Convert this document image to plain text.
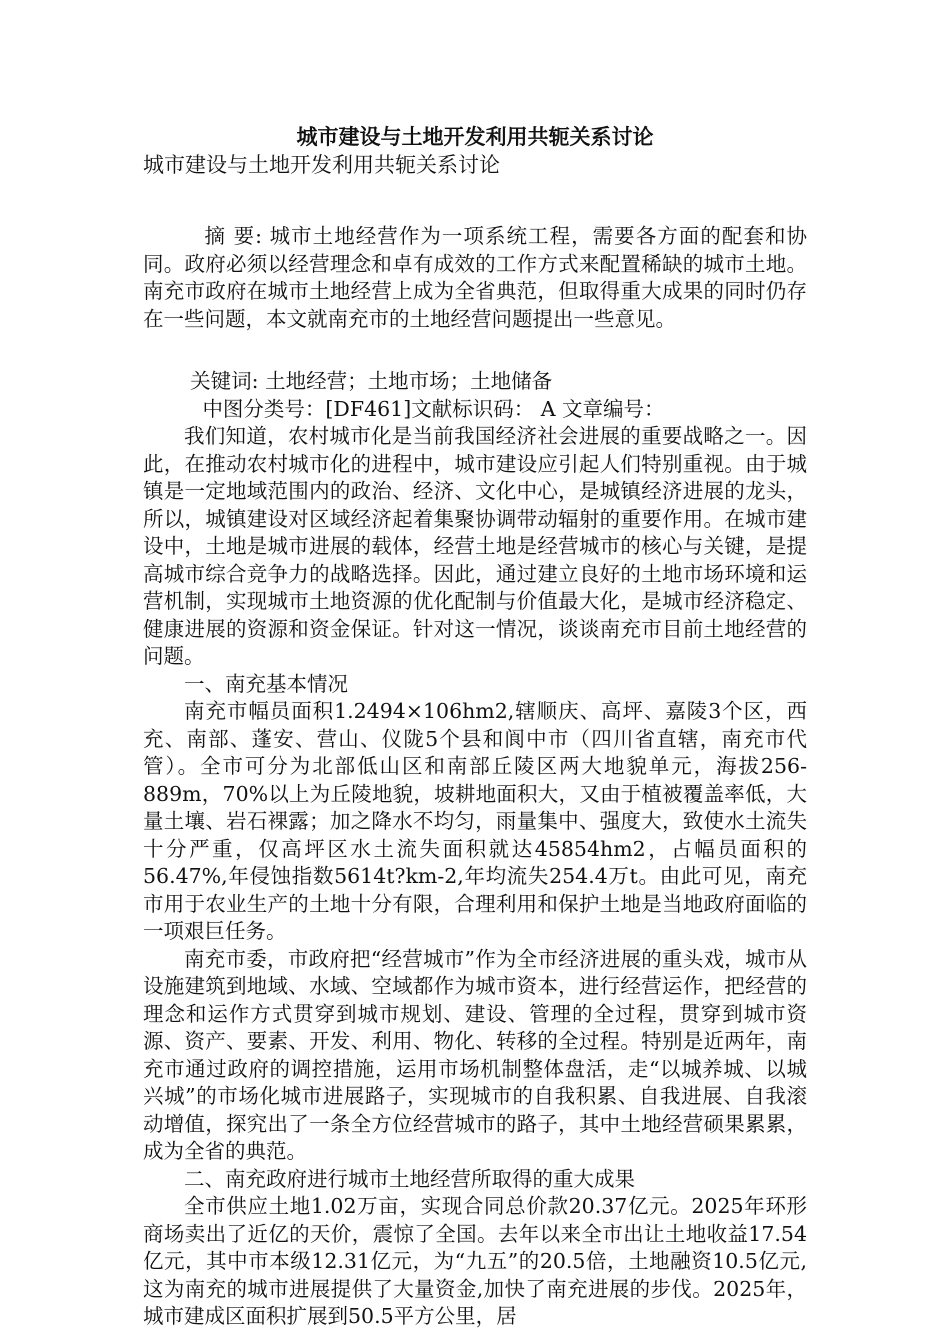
城市建设与土地开发利用共轭关系讨论

城市建设与土地开发利用共轭关系讨论

摘 要: 城市土地经营作为一项系统工程，需要各方面的配套和协同。政府必须以经营理念和卓有成效的工作方式来配置稀缺的城市土地。南充市政府在城市土地经营上成为全省典范，但取得重大成果的同时仍存在一些问题，本文就南充市的土地经营问题提出一些意见。

关键词: 土地经营；土地市场；土地储备

中图分类号：[DF461]文献标识码： A 文章编号：

我们知道，农村城市化是当前我国经济社会进展的重要战略之一。因此，在推动农村城市化的进程中，城市建设应引起人们特别重视。由于城镇是一定地域范围内的政治、经济、文化中心，是城镇经济进展的龙头，所以，城镇建设对区域经济起着集聚协调带动辐射的重要作用。在城市建设中，土地是城市进展的载体，经营土地是经营城市的核心与关键，是提高城市综合竞争力的战略选择。因此，通过建立良好的土地市场环境和运营机制，实现城市土地资源的优化配制与价值最大化，是城市经济稳定、健康进展的资源和资金保证。针对这一情况，谈谈南充市目前土地经营的问题。

一、南充基本情况

南充市幅员面积1.2494×106hm2,辖顺庆、高坪、嘉陵3个区，西充、南部、蓬安、营山、仪陇5个县和阆中市（四川省直辖，南充市代管）。全市可分为北部低山区和南部丘陵区两大地貌单元，海拔256-889m，70%以上为丘陵地貌，坡耕地面积大，又由于植被覆盖率低，大量土壤、岩石裸露；加之降水不均匀，雨量集中、强度大，致使水土流失十分严重，仅高坪区水土流失面积就达45854hm2，占幅员面积的56.47%,年侵蚀指数5614t?km-2,年均流失254.4万t。由此可见，南充市用于农业生产的土地十分有限，合理利用和保护土地是当地政府面临的一项艰巨任务。

南充市委，市政府把“经营城市”作为全市经济进展的重头戏，城市从设施建筑到地域、水域、空域都作为城市资本，进行经营运作，把经营的理念和运作方式贯穿到城市规划、建设、管理的全过程，贯穿到城市资源、资产、要素、开发、利用、物化、转移的全过程。特别是近两年，南充市通过政府的调控措施，运用市场机制整体盘活，走“以城养城、以城兴城”的市场化城市进展路子，实现城市的自我积累、自我进展、自我滚动增值，探究出了一条全方位经营城市的路子，其中土地经营硕果累累，成为全省的典范。

二、南充政府进行城市土地经营所取得的重大成果

全市供应土地1.02万亩，实现合同总价款20.37亿元。2025年环形商场卖出了近亿的天价，震惊了全国。去年以来全市出让土地收益17.54亿元，其中市本级12.31亿元，为“九五”的20.5倍，土地融资10.5亿元,这为南充的城市进展提供了大量资金,加快了南充进展的步伐。2025年，城市建成区面积扩展到50.5平方公里，居
